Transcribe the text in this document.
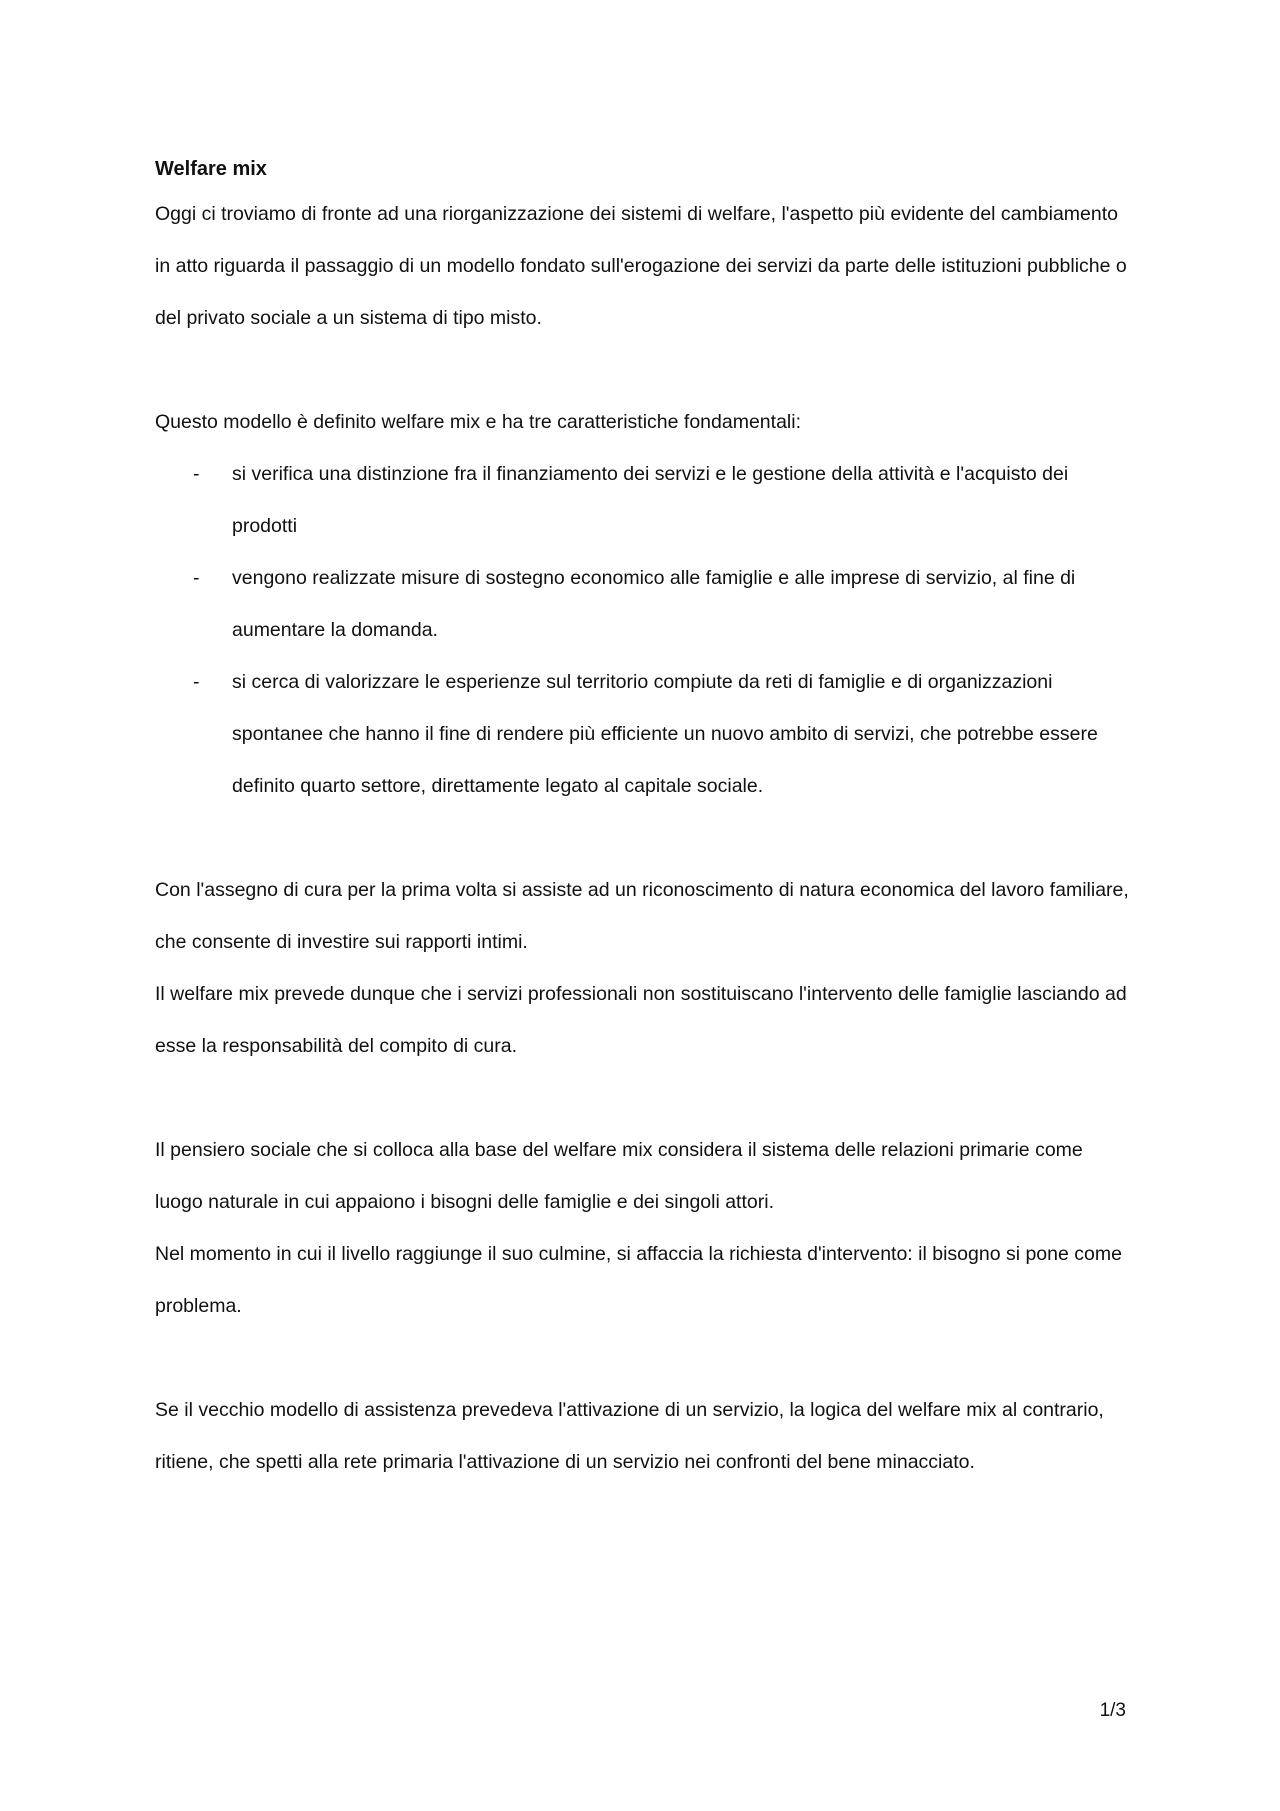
Welfare mix

Oggi ci troviamo di fronte ad una riorganizzazione dei sistemi di welfare, l'aspetto più evidente del cambiamento in atto riguarda il passaggio di un modello fondato sull'erogazione dei servizi da parte delle istituzioni pubbliche o del privato sociale a un sistema di tipo misto.

Questo modello è definito welfare mix e ha tre caratteristiche fondamentali:

- si verifica una distinzione fra il finanziamento dei servizi e le gestione della attività e l'acquisto dei prodotti
- vengono realizzate misure di sostegno economico alle famiglie e alle imprese di servizio, al fine di aumentare la domanda.
- si cerca di valorizzare le esperienze sul territorio compiute da reti di famiglie e di organizzazioni spontanee che hanno il fine di rendere più efficiente un nuovo ambito di servizi, che potrebbe essere definito quarto settore, direttamente legato al capitale sociale.

Con l'assegno di cura per la prima volta si assiste ad un riconoscimento di natura economica del lavoro familiare, che consente di investire sui rapporti intimi.

Il welfare mix prevede dunque che i servizi professionali non sostituiscano l'intervento delle famiglie lasciando ad esse la responsabilità del compito di cura.

Il pensiero sociale che si colloca alla base del welfare mix considera il sistema delle relazioni primarie come luogo naturale in cui appaiono i bisogni delle famiglie e dei singoli attori.

Nel momento in cui il livello raggiunge il suo culmine, si affaccia la richiesta d'intervento: il bisogno si pone come problema.

Se il vecchio modello di assistenza prevedeva l'attivazione di un servizio, la logica del welfare mix al contrario, ritiene, che spetti alla rete primaria l'attivazione di un servizio nei confronti del bene minacciato.

1/3
